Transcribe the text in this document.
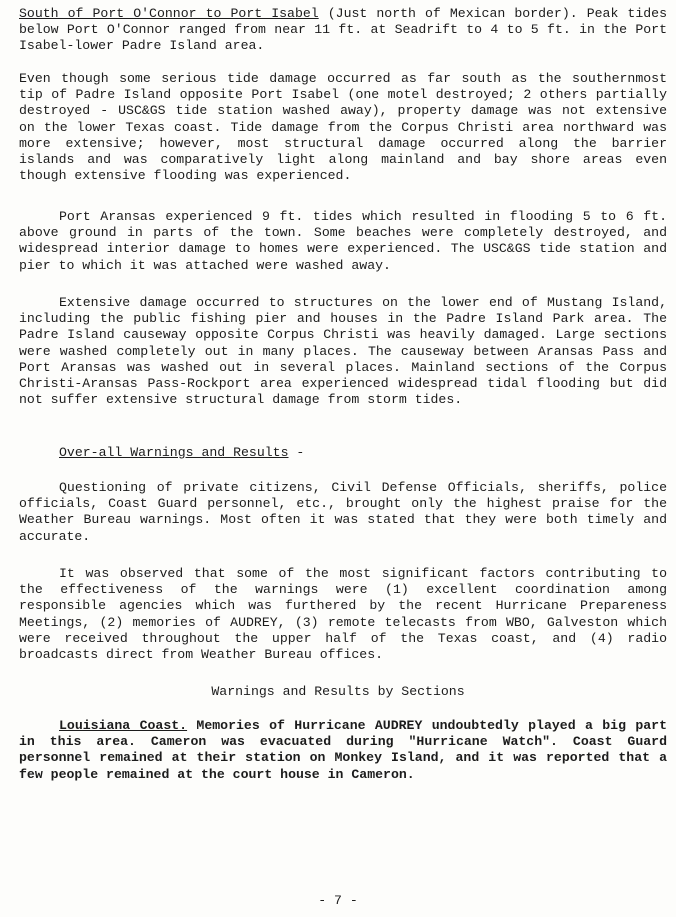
South of Port O'Connor to Port Isabel (Just north of Mexican border). Peak tides below Port O'Connor ranged from near 11 ft. at Seadrift to 4 to 5 ft. in the Port Isabel-lower Padre Island area.

Even though some serious tide damage occurred as far south as the southernmost tip of Padre Island opposite Port Isabel (one motel destroyed; 2 others partially destroyed - USC&GS tide station washed away), property damage was not extensive on the lower Texas coast. Tide damage from the Corpus Christi area northward was more extensive; however, most structural damage occurred along the barrier islands and was comparatively light along mainland and bay shore areas even though extensive flooding was experienced.

Port Aransas experienced 9 ft. tides which resulted in flooding 5 to 6 ft. above ground in parts of the town. Some beaches were completely destroyed, and widespread interior damage to homes were experienced. The USC&GS tide station and pier to which it was attached were washed away.

Extensive damage occurred to structures on the lower end of Mustang Island, including the public fishing pier and houses in the Padre Island Park area. The Padre Island causeway opposite Corpus Christi was heavily damaged. Large sections were washed completely out in many places. The causeway between Aransas Pass and Port Aransas was washed out in several places. Mainland sections of the Corpus Christi-Aransas Pass-Rockport area experienced widespread tidal flooding but did not suffer extensive structural damage from storm tides.

Over-all Warnings and Results -

Questioning of private citizens, Civil Defense Officials, sheriffs, police officials, Coast Guard personnel, etc., brought only the highest praise for the Weather Bureau warnings. Most often it was stated that they were both timely and accurate.

It was observed that some of the most significant factors contributing to the effectiveness of the warnings were (1) excellent coordination among responsible agencies which was furthered by the recent Hurricane Prepareness Meetings, (2) memories of AUDREY, (3) remote telecasts from WBO, Galveston which were received throughout the upper half of the Texas coast, and (4) radio broadcasts direct from Weather Bureau offices.

Warnings and Results by Sections

Louisiana Coast. Memories of Hurricane AUDREY undoubtedly played a big part in this area. Cameron was evacuated during "Hurricane Watch". Coast Guard personnel remained at their station on Monkey Island, and it was reported that a few people remained at the court house in Cameron.

- 7 -
